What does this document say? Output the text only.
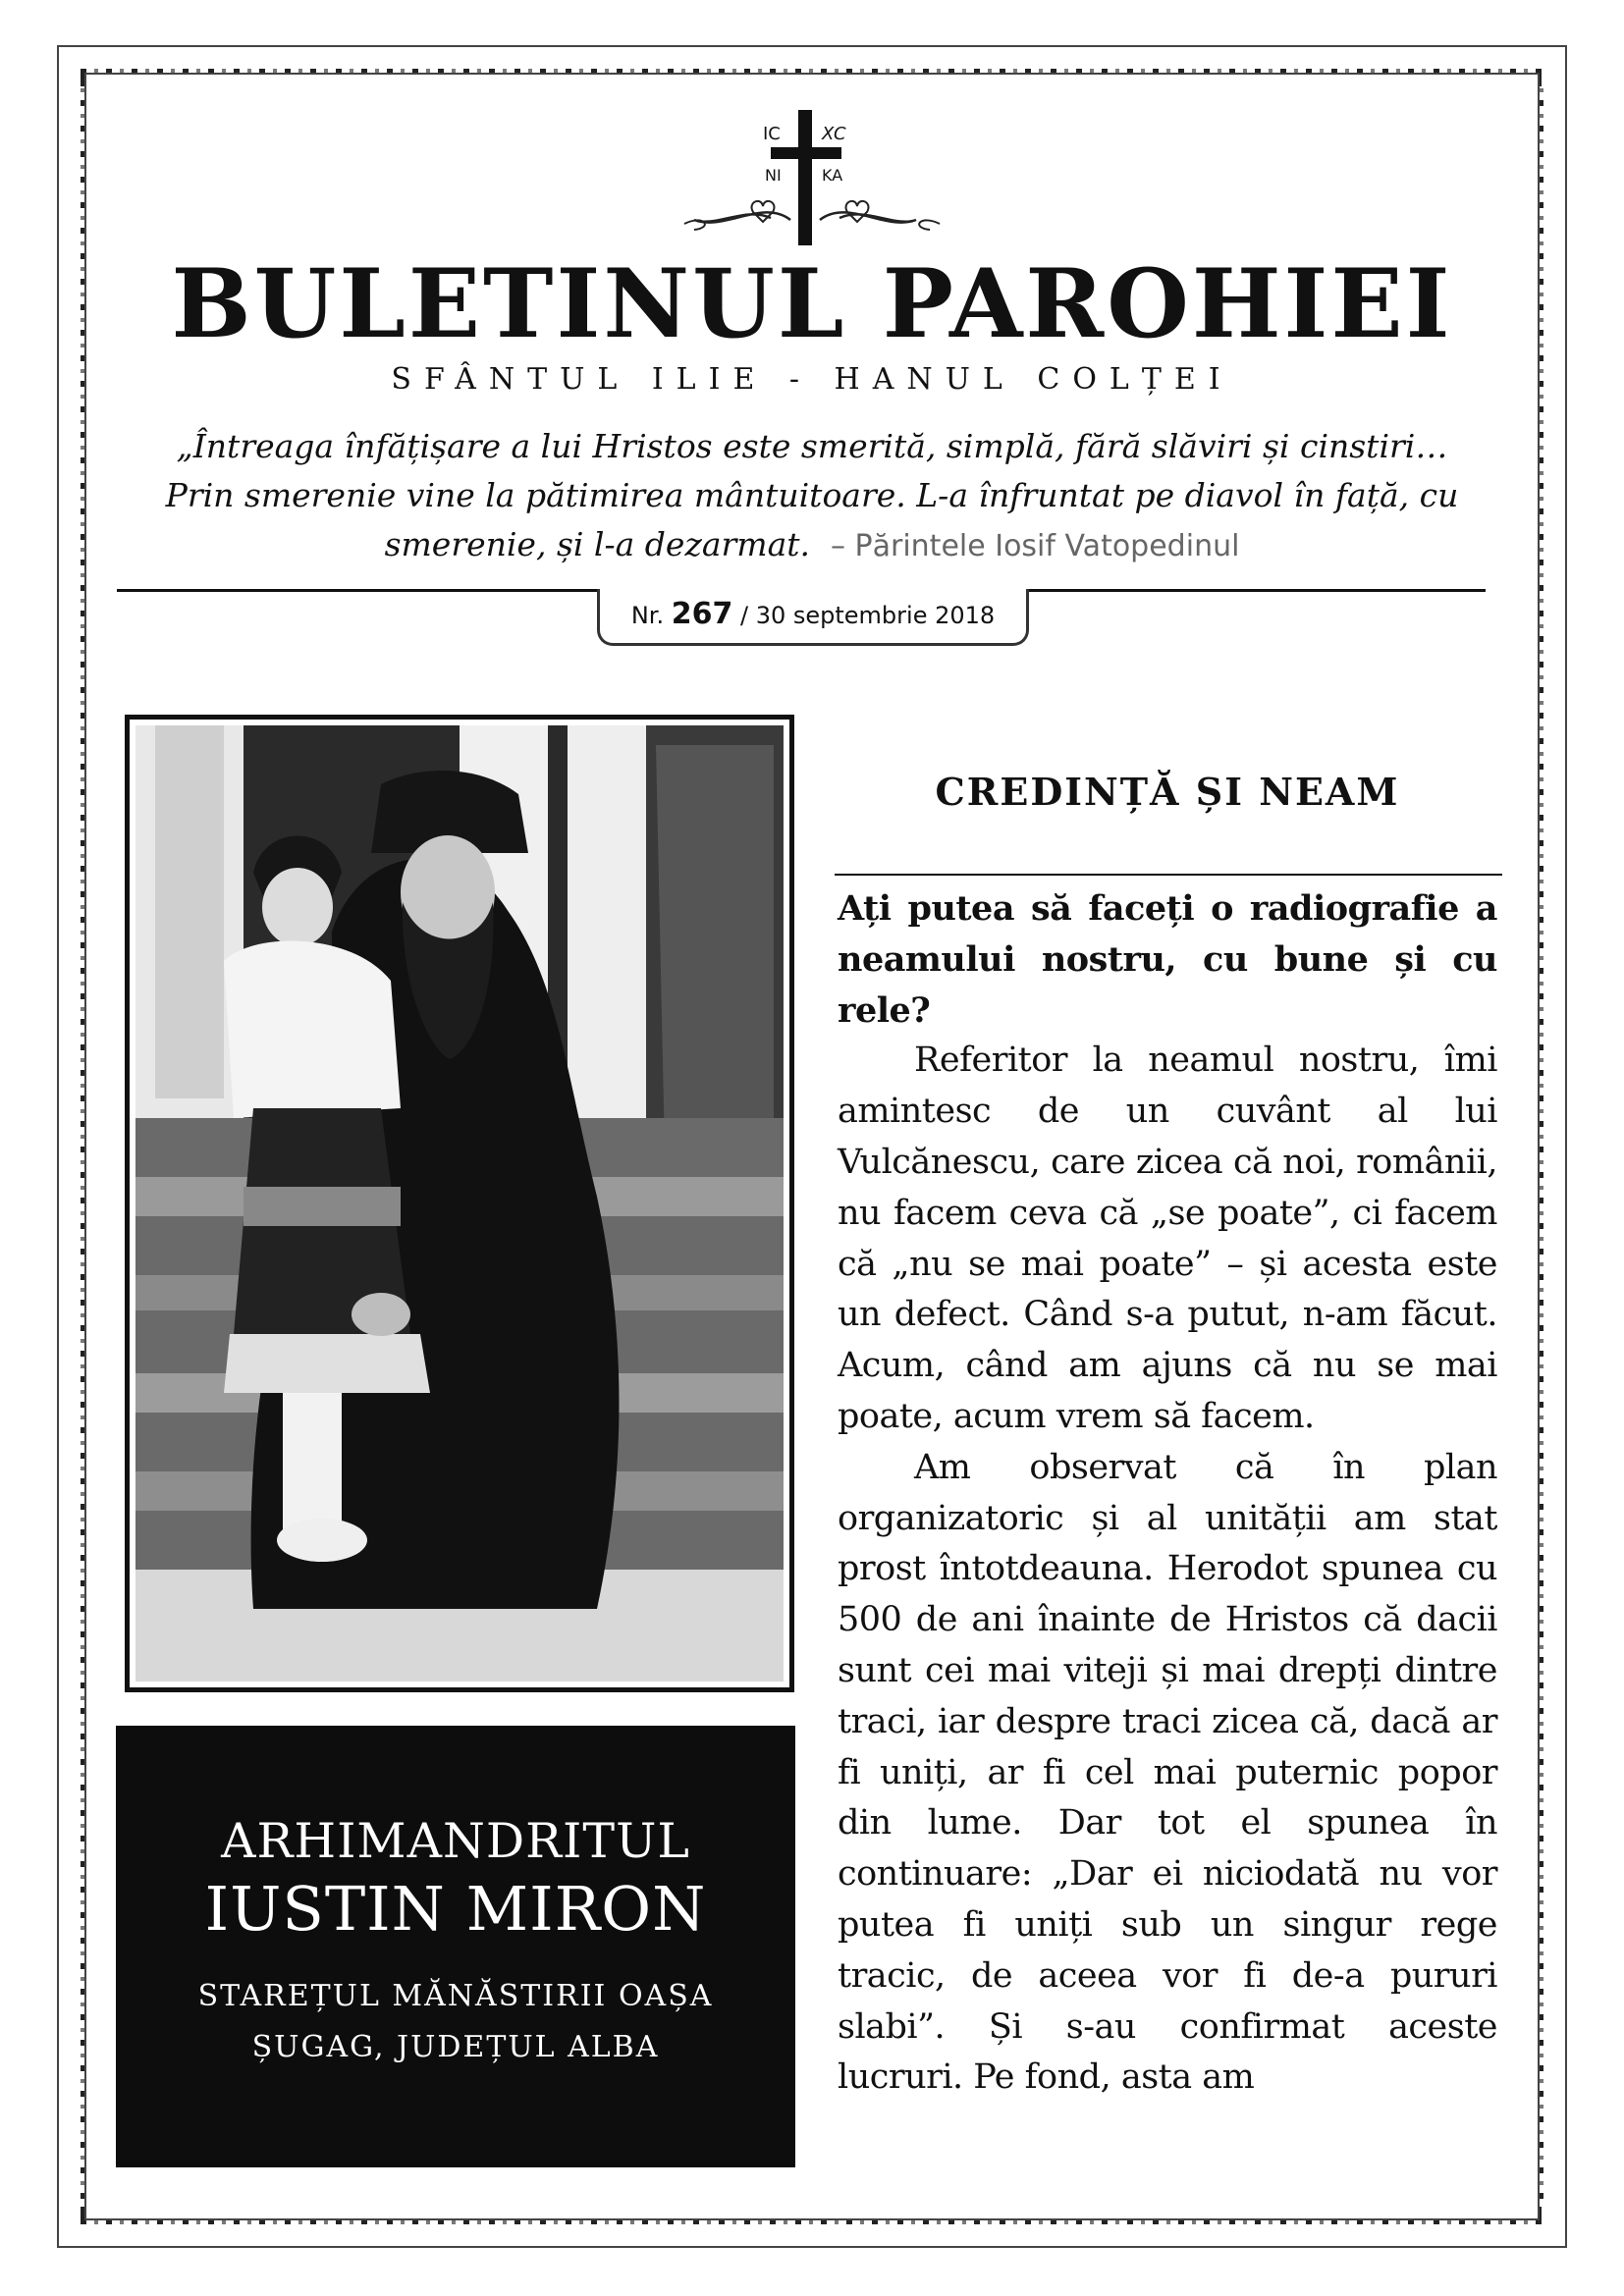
IC XC
NI	KA
BULETINUL PAROHIEI
SFÂNTUL ILIE - HANUL COLȚEI
„Întreaga înfățișare a lui Hristos este smerită, simplă, fără slăviri și cinstiri…
Prin smerenie vine la pătimirea mântuitoare. L-a înfruntat pe diavol în față, cu
smerenie, și l-a dezarmat. – Părintele Iosif Vatopedinul
Nr. 267 / 30 septembrie 2018
ARHIMANDRITUL
IUSTIN MIRON
STAREȚUL MĂNĂSTIRII OAȘA
ȘUGAG, JUDEȚUL ALBA
CREDINȚĂ ȘI NEAM

Ați putea să faceți o radiografie a neamului nostru, cu bune și cu rele?

Referitor la neamul nostru, îmi amintesc de un cuvânt al lui Vulcănescu, care zicea că noi, românii, nu facem ceva că „se poate”, ci facem că „nu se mai poate” – și acesta este un defect. Când s-a putut, n-am făcut. Acum, când am ajuns că nu se mai poate, acum vrem să facem.

Am observat că în plan organizatoric și al unității am stat prost întotdeauna. Herodot spunea cu 500 de ani înainte de Hristos că dacii sunt cei mai viteji și mai drepți dintre traci, iar despre traci zicea că, dacă ar fi uniți, ar fi cel mai puternic popor din lume. Dar tot el spunea în continuare: „Dar ei niciodată nu vor putea fi uniți sub un singur rege tracic, de aceea vor fi de-a pururi slabi”. Și s-au confirmat aceste lucruri. Pe fond, asta am
